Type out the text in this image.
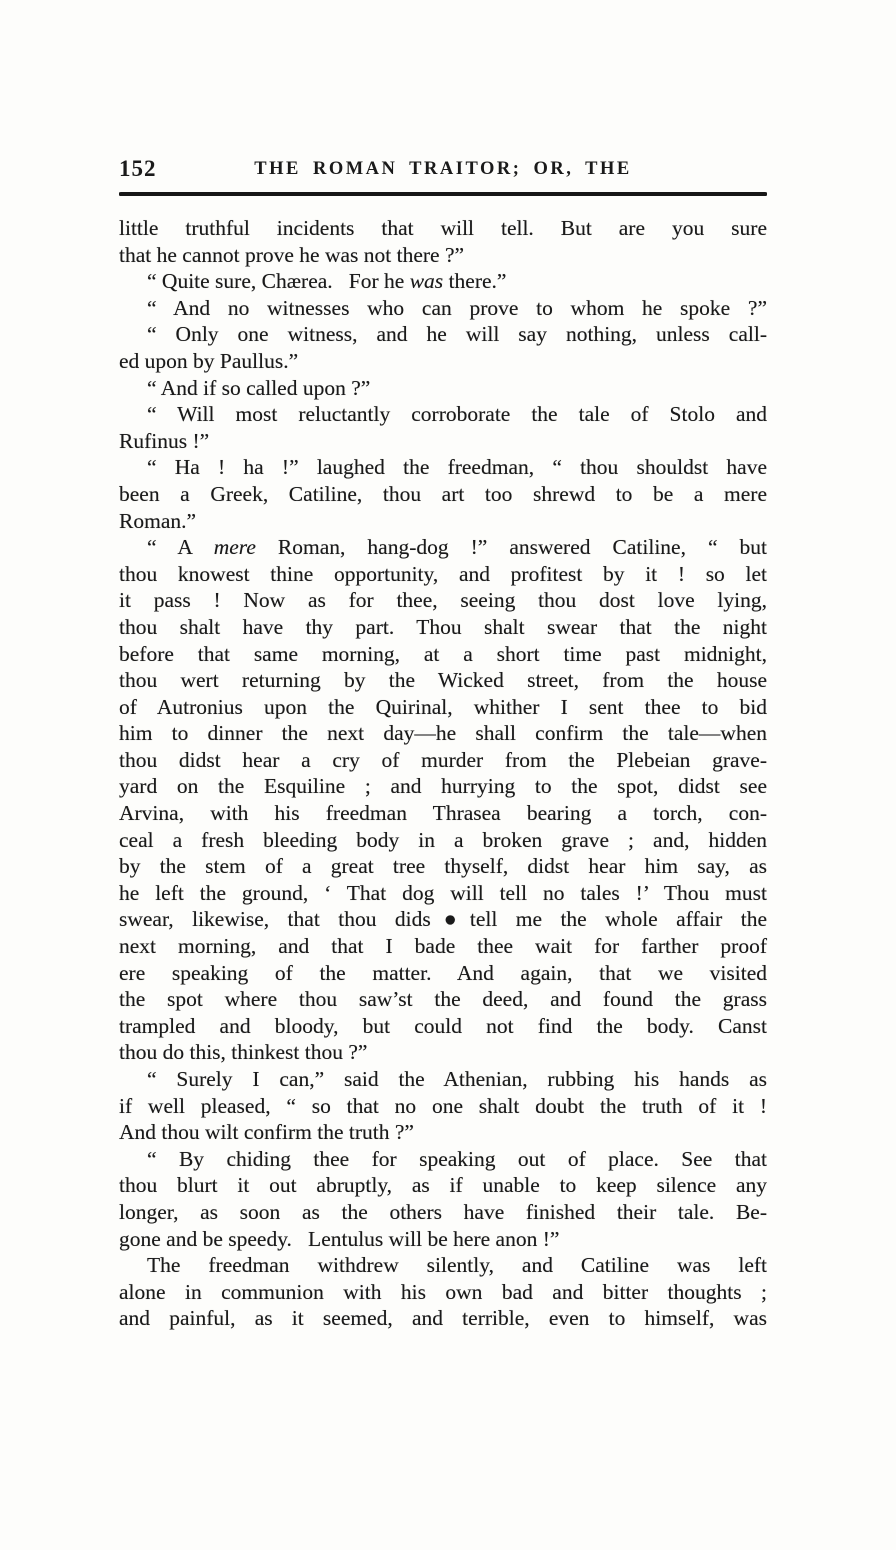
152	THE ROMAN TRAITOR; OR, THE
little truthful incidents that will tell. But are you sure
that he cannot prove he was not there ?”
“ Quite sure, Chærea.   For he was there.”
“ And no witnesses who can prove to whom he spoke ?”
“ Only one witness, and he will say nothing, unless call-
ed upon by Paullus.”
“ And if so called upon ?”
“ Will most reluctantly corroborate the tale of Stolo and
Rufinus !”
“ Ha ! ha !” laughed the freedman, “ thou shouldst have
been a Greek, Catiline, thou art too shrewd to be a mere
Roman.”
“ A mere Roman, hang-dog !” answered Catiline, “ but
thou knowest thine opportunity, and profitest by it ! so let
it pass ! Now as for thee, seeing thou dost love lying,
thou shalt have thy part. Thou shalt swear that the night
before that same morning, at a short time past midnight,
thou wert returning by the Wicked street, from the house
of Autronius upon the Quirinal, whither I sent thee to bid
him to dinner the next day—he shall confirm the tale—when
thou didst hear a cry of murder from the Plebeian grave-
yard on the Esquiline ; and hurrying to the spot, didst see
Arvina, with his freedman Thrasea bearing a torch, con-
ceal a fresh bleeding body in a broken grave ; and, hidden
by the stem of a great tree thyself, didst hear him say, as
he left the ground, ‘ That dog will tell no tales !’ Thou must
swear, likewise, that thou dids●tell me the whole affair the
next morning, and that I bade thee wait for farther proof
ere speaking of the matter. And again, that we visited
the spot where thou saw’st the deed, and found the grass
trampled and bloody, but could not find the body. Canst
thou do this, thinkest thou ?”
“ Surely I can,” said the Athenian, rubbing his hands as
if well pleased, “ so that no one shalt doubt the truth of it !
And thou wilt confirm the truth ?”
“ By chiding thee for speaking out of place. See that
thou blurt it out abruptly, as if unable to keep silence any
longer, as soon as the others have finished their tale. Be-
gone and be speedy.   Lentulus will be here anon !”
The freedman withdrew silently, and Catiline was left
alone in communion with his own bad and bitter thoughts ;
and painful, as it seemed, and terrible, even to himself, was
